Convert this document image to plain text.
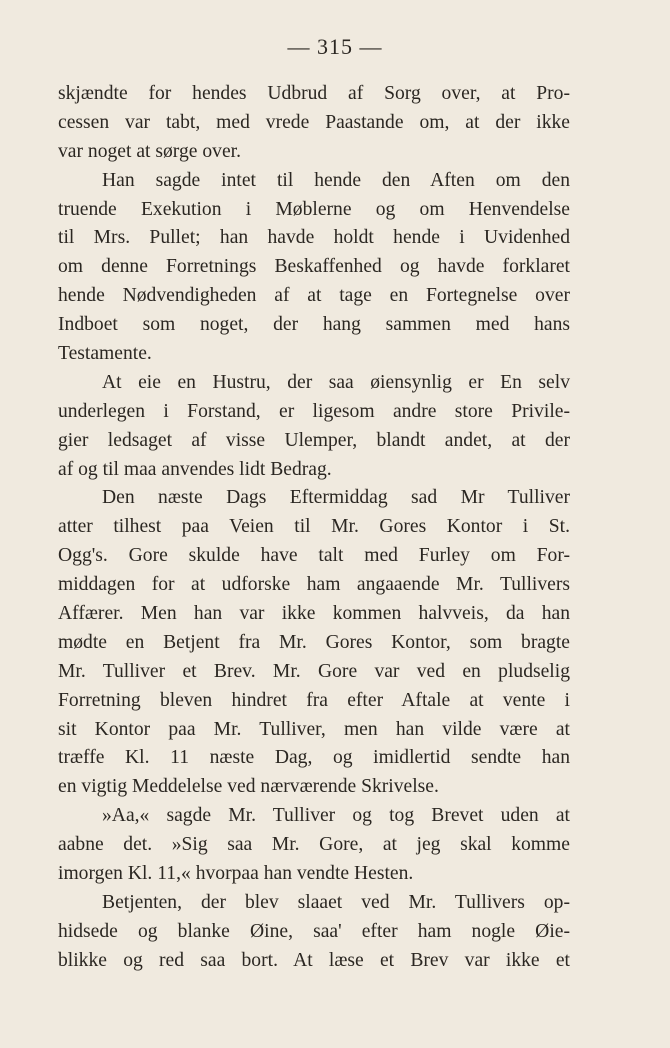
— 315 —
skjændte for hendes Udbrud af Sorg over, at Pro-
cessen var tabt, med vrede Paastande om, at der ikke
var noget at sørge over.
Han sagde intet til hende den Aften om den
truende Exekution i Møblerne og om Henvendelse
til Mrs. Pullet; han havde holdt hende i Uvidenhed
om denne Forretnings Beskaffenhed og havde forklaret
hende Nødvendigheden af at tage en Fortegnelse over
Indboet som noget, der hang sammen med hans
Testamente.
At eie en Hustru, der saa øiensynlig er En selv
underlegen i Forstand, er ligesom andre store Privile-
gier ledsaget af visse Ulemper, blandt andet, at der
af og til maa anvendes lidt Bedrag.
Den næste Dags Eftermiddag sad Mr Tulliver
atter tilhest paa Veien til Mr. Gores Kontor i St.
Ogg's. Gore skulde have talt med Furley om For-
middagen for at udforske ham angaaende Mr. Tullivers
Affærer. Men han var ikke kommen halvveis, da han
mødte en Betjent fra Mr. Gores Kontor, som bragte
Mr. Tulliver et Brev. Mr. Gore var ved en pludselig
Forretning bleven hindret fra efter Aftale at vente i
sit Kontor paa Mr. Tulliver, men han vilde være at
træffe Kl. 11 næste Dag, og imidlertid sendte han
en vigtig Meddelelse ved nærværende Skrivelse.
»Aa,« sagde Mr. Tulliver og tog Brevet uden at
aabne det. »Sig saa Mr. Gore, at jeg skal komme
imorgen Kl. 11,« hvorpaa han vendte Hesten.
Betjenten, der blev slaaet ved Mr. Tullivers op-
hidsede og blanke Øine, saa' efter ham nogle Øie-
blikke og red saa bort. At læse et Brev var ikke et
